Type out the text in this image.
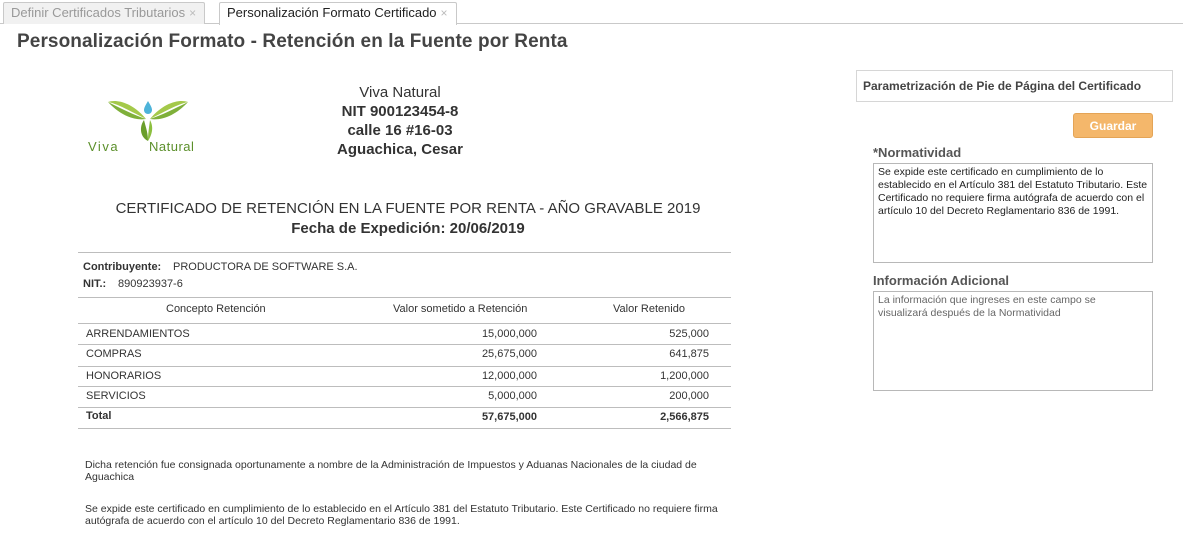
Definir Certificados Tributarios ×	Personalización Formato Certificado ×
Personalización Formato - Retención en la Fuente por Renta
Viva Natural
Viva Natural
NIT 900123454-8
calle 16 #16-03
Aguachica, Cesar
CERTIFICADO DE RETENCIÓN EN LA FUENTE POR RENTA - AÑO GRAVABLE 2019
Fecha de Expedición: 20/06/2019
Contribuyente: PRODUCTORA DE SOFTWARE S.A.
NIT.: 890923937-6
Concepto Retención	Valor sometido a Retención	Valor Retenido
ARRENDAMIENTOS	15,000,000	525,000
COMPRAS	25,675,000	641,875
HONORARIOS	12,000,000	1,200,000
SERVICIOS	5,000,000	200,000
Total	57,675,000	2,566,875
Dicha retención fue consignada oportunamente a nombre de la Administración de Impuestos y Aduanas Nacionales de la ciudad de Aguachica
Se expide este certificado en cumplimiento de lo establecido en el Artículo 381 del Estatuto Tributario. Este Certificado no requiere firma autógrafa de acuerdo con el artículo 10 del Decreto Reglamentario 836 de 1991.
Parametrización de Pie de Página del Certificado
Guardar
*Normatividad
Se expide este certificado en cumplimiento de lo establecido en el Artículo 381 del Estatuto Tributario. Este Certificado no requiere firma autógrafa de acuerdo con el artículo 10 del Decreto Reglamentario 836 de 1991.
Información Adicional
La información que ingreses en este campo se visualizará después de la Normatividad
